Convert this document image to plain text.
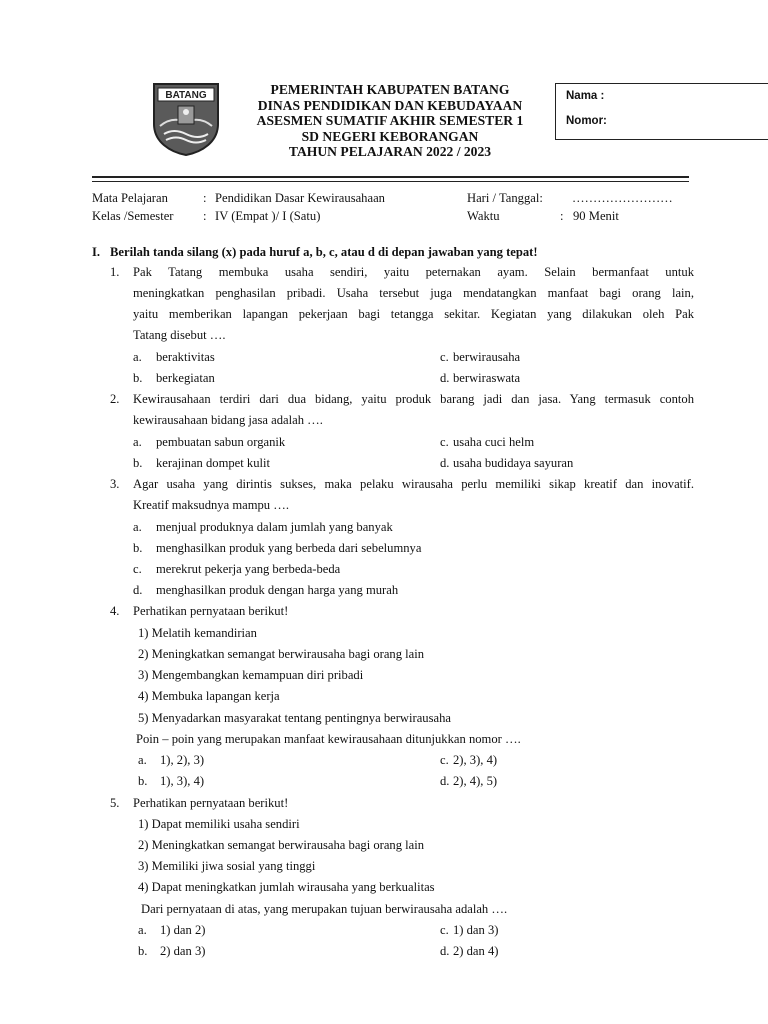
BATANG	PEMERINTAH KABUPATEN BATANG
DINAS PENDIDIKAN DAN KEBUDAYAAN
ASESMEN SUMATIF AKHIR SEMESTER 1
SD NEGERI KEBORANGAN
TAHUN PELAJARAN 2022 / 2023
Nama :
Nomor:
Mata Pelajaran	: Pendidikan Dasar Kewirausahaan	Hari / Tanggal: ……………………
Kelas /Semester : IV (Empat )/ I (Satu)	Waktu	: 90 Menit
I. Berilah tanda silang (x) pada huruf a, b, c, atau d di depan jawaban yang tepat!
1. Pak Tatang membuka usaha sendiri, yaitu peternakan ayam. Selain bermanfaat untuk
meningkatkan penghasilan pribadi. Usaha tersebut juga mendatangkan manfaat bagi orang lain,
yaitu memberikan lapangan pekerjaan bagi tetangga sekitar. Kegiatan yang dilakukan oleh Pak
Tatang disebut ….
a. beraktivitas	c. berwirausaha
b. berkegiatan	d. berwiraswata
2. Kewirausahaan terdiri dari dua bidang, yaitu produk barang jadi dan jasa. Yang termasuk contoh
kewirausahaan bidang jasa adalah ….
a. pembuatan sabun organik	c. usaha cuci helm
b. kerajinan dompet kulit	d. usaha budidaya sayuran
3. Agar usaha yang dirintis sukses, maka pelaku wirausaha perlu memiliki sikap kreatif dan inovatif.
Kreatif maksudnya mampu ….
a. menjual produknya dalam jumlah yang banyak
b. menghasilkan produk yang berbeda dari sebelumnya
c. merekrut pekerja yang berbeda-beda
d. menghasilkan produk dengan harga yang murah
4. Perhatikan pernyataan berikut!
1) Melatih kemandirian
2) Meningkatkan semangat berwirausaha bagi orang lain
3) Mengembangkan kemampuan diri pribadi
4) Membuka lapangan kerja
5) Menyadarkan masyarakat tentang pentingnya berwirausaha
Poin – poin yang merupakan manfaat kewirausahaan ditunjukkan nomor ….
a. 1), 2), 3)	c. 2), 3), 4)
b. 1), 3), 4)	d. 2), 4), 5)
5. Perhatikan pernyataan berikut!
1) Dapat memiliki usaha sendiri
2) Meningkatkan semangat berwirausaha bagi orang lain
3) Memiliki jiwa sosial yang tinggi
4) Dapat meningkatkan jumlah wirausaha yang berkualitas
Dari pernyataan di atas, yang merupakan tujuan berwirausaha adalah ….
a. 1) dan 2)	c. 1) dan 3)
b. 2) dan 3)	d. 2) dan 4)
